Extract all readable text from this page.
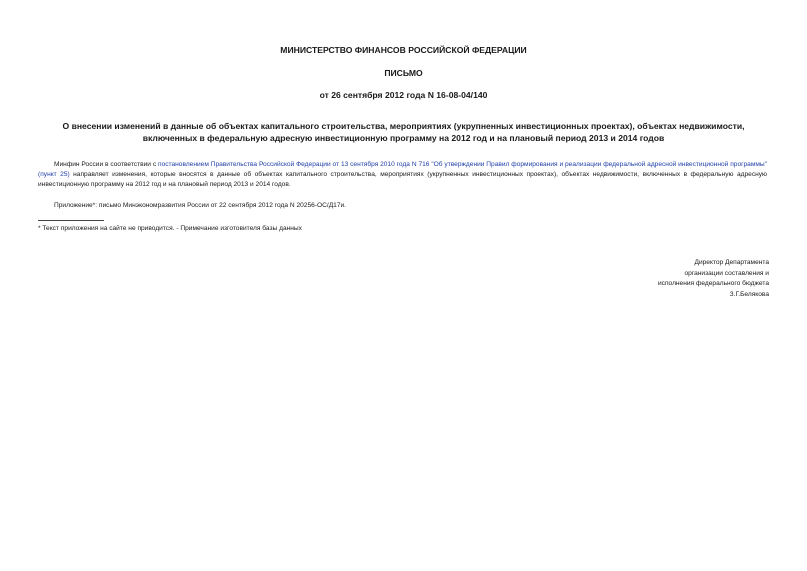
МИНИСТЕРСТВО ФИНАНСОВ РОССИЙСКОЙ ФЕДЕРАЦИИ
ПИСЬМО
от 26 сентября 2012 года N 16-08-04/140
О внесении изменений в данные об объектах капитального строительства, мероприятиях (укрупненных инвестиционных проектах), объектах недвижимости, включенных в федеральную адресную инвестиционную программу на 2012 год и на плановый период 2013 и 2014 годов
Минфин России в соответствии с постановлением Правительства Российской Федерации от 13 сентября 2010 года N 716 "Об утверждении Правил формирования и реализации федеральной адресной инвестиционной программы" (пункт 25) направляет изменения, которые вносятся в данные об объектах капитального строительства, мероприятиях (укрупненных инвестиционных проектах), объектах недвижимости, включенных в федеральную адресную инвестиционную программу на 2012 год и на плановый период 2013 и 2014 годов.
Приложение*: письмо Минэкономразвития России от 22 сентября 2012 года N 20256-ОС/Д17и.
* Текст приложения на сайте не приводится. - Примечание изготовителя базы данных
Директор Департамента
организации составления и
исполнения федерального бюджета
З.Г.Белякова
